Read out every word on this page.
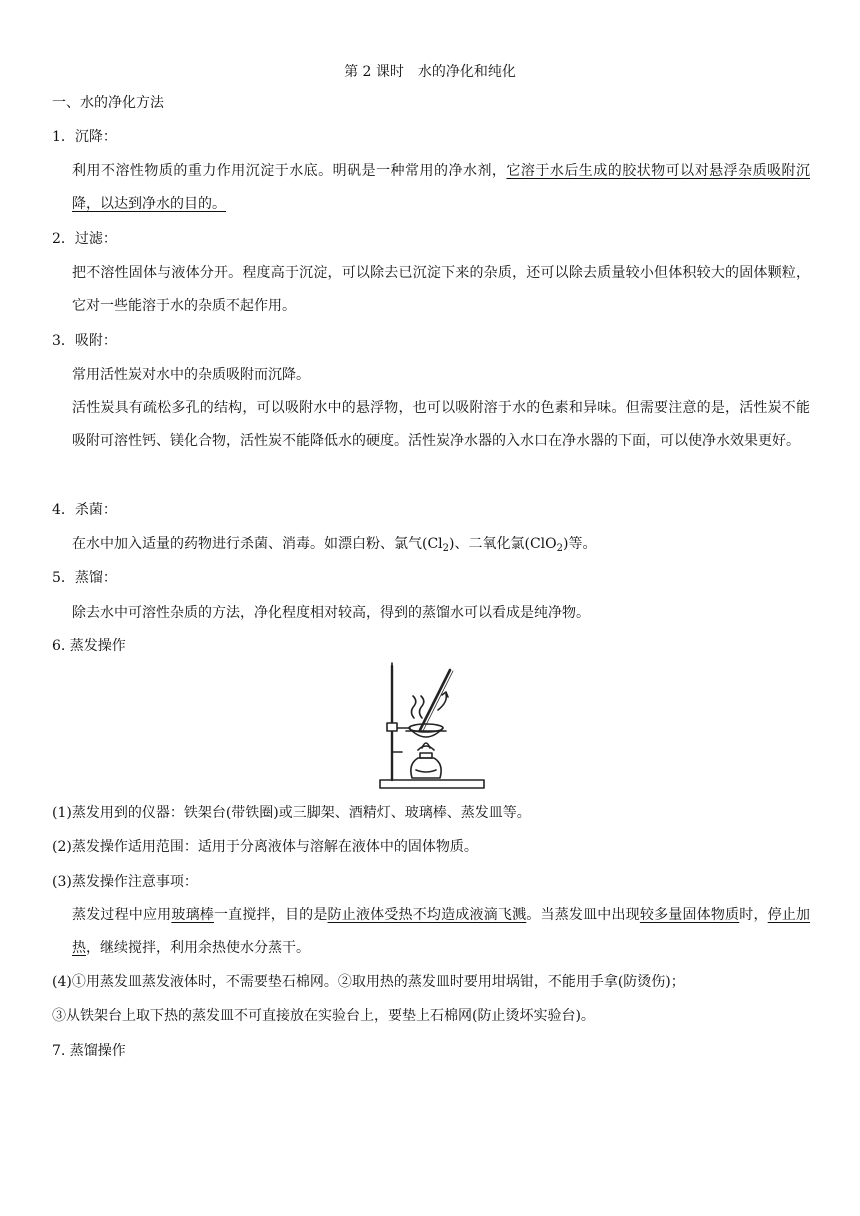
第 2 课时　水的净化和纯化
一、水的净化方法
1．沉降：
利用不溶性物质的重力作用沉淀于水底。明矾是一种常用的净水剂，它溶于水后生成的胶状物可以对悬浮杂质吸附沉降，以达到净水的目的。
2．过滤：
把不溶性固体与液体分开。程度高于沉淀，可以除去已沉淀下来的杂质，还可以除去质量较小但体积较大的固体颗粒，它对一些能溶于水的杂质不起作用。
3．吸附：
常用活性炭对水中的杂质吸附而沉降。
活性炭具有疏松多孔的结构，可以吸附水中的悬浮物，也可以吸附溶于水的色素和异味。但需要注意的是，活性炭不能吸附可溶性钙、镁化合物，活性炭不能降低水的硬度。活性炭净水器的入水口在净水器的下面，可以使净水效果更好。
4．杀菌：
在水中加入适量的药物进行杀菌、消毒。如漂白粉、氯气$(Cl_2)$、二氧化氯(ClO$_2$)等。
5．蒸馏：
除去水中可溶性杂质的方法，净化程度相对较高，得到的蒸馏水可以看成是纯净物。
6. 蒸发操作
(1)蒸发用到的仪器：铁架台(带铁圈)或三脚架、酒精灯、玻璃棒、蒸发皿等。
(2)蒸发操作适用范围：适用于分离液体与溶解在液体中的固体物质。
(3)蒸发操作注意事项：
蒸发过程中应用玻璃棒一直搅拌，目的是防止液体受热不均造成液滴飞溅。当蒸发皿中出现较多量固体物质时，停止加热，继续搅拌，利用余热使水分蒸干。
(4)①用蒸发皿蒸发液体时，不需要垫石棉网。②取用热的蒸发皿时要用坩埚钳，不能用手拿(防烫伤)；
③从铁架台上取下热的蒸发皿不可直接放在实验台上，要垫上石棉网(防止烫坏实验台)。
7. 蒸馏操作
